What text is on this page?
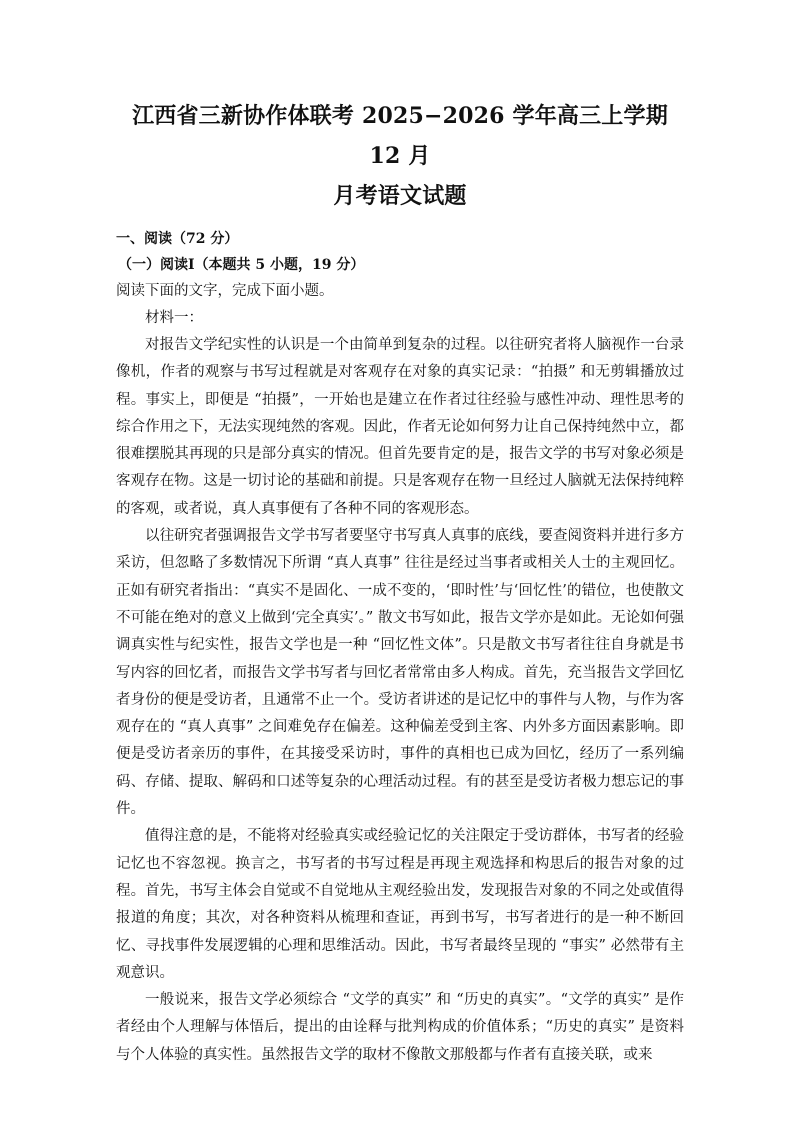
江西省三新协作体联考 2025−2026 学年高三上学期 12 月
月考语文试题

一、阅读（72 分）

（一）阅读Ⅰ（本题共 5 小题，19 分）

阅读下面的文字，完成下面小题。

材料一：

对报告文学纪实性的认识是一个由简单到复杂的过程。以往研究者将人脑视作一台录像机，作者的观察与书写过程就是对客观存在对象的真实记录：“拍摄” 和无剪辑播放过程。事实上，即便是 “拍摄”，一开始也是建立在作者过往经验与感性冲动、理性思考的综合作用之下，无法实现纯然的客观。因此，作者无论如何努力让自己保持纯然中立，都很难摆脱其再现的只是部分真实的情况。但首先要肯定的是，报告文学的书写对象必须是客观存在物。这是一切讨论的基础和前提。只是客观存在物一旦经过人脑就无法保持纯粹的客观，或者说，真人真事便有了各种不同的客观形态。

以往研究者强调报告文学书写者要坚守书写真人真事的底线，要查阅资料并进行多方采访，但忽略了多数情况下所谓 “真人真事” 往往是经过当事者或相关人士的主观回忆。正如有研究者指出：“真实不是固化、一成不变的，‘即时性’与‘回忆性’的错位，也使散文不可能在绝对的意义上做到‘完全真实’。” 散文书写如此，报告文学亦是如此。无论如何强调真实性与纪实性，报告文学也是一种 “回忆性文体”。只是散文书写者往往自身就是书写内容的回忆者，而报告文学书写者与回忆者常常由多人构成。首先，充当报告文学回忆者身份的便是受访者，且通常不止一个。受访者讲述的是记忆中的事件与人物，与作为客观存在的 “真人真事” 之间难免存在偏差。这种偏差受到主客、内外多方面因素影响。即便是受访者亲历的事件，在其接受采访时，事件的真相也已成为回忆，经历了一系列编码、存储、提取、解码和口述等复杂的心理活动过程。有的甚至是受访者极力想忘记的事件。

值得注意的是，不能将对经验真实或经验记忆的关注限定于受访群体，书写者的经验记忆也不容忽视。换言之，书写者的书写过程是再现主观选择和构思后的报告对象的过程。首先，书写主体会自觉或不自觉地从主观经验出发，发现报告对象的不同之处或值得报道的角度；其次，对各种资料从梳理和查证，再到书写，书写者进行的是一种不断回忆、寻找事件发展逻辑的心理和思维活动。因此，书写者最终呈现的 “事实” 必然带有主观意识。

一般说来，报告文学必须综合 “文学的真实” 和 “历史的真实”。“文学的真实” 是作者经由个人理解与体悟后，提出的由诠释与批判构成的价值体系；“历史的真实” 是资料与个人体验的真实性。虽然报告文学的取材不像散文那般都与作者有直接关联，或来
